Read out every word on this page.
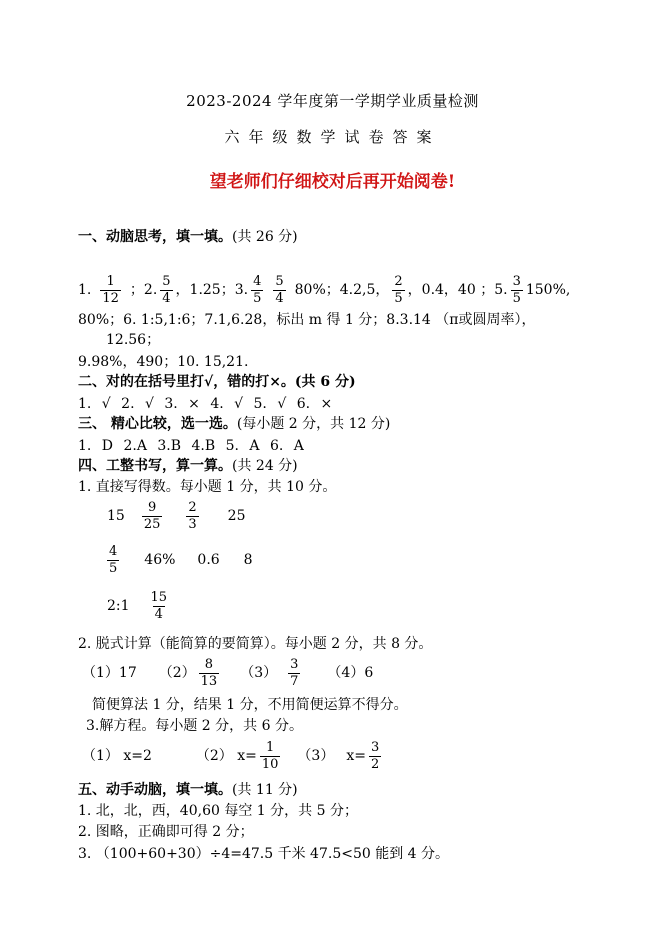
2023-2024 学年度第一学期学业质量检测
六年级数学试卷答案
望老师们仔细校对后再开始阅卷!
一、动脑思考，填一填。(共 26 分)
1. $\frac{1}{12}$ ；2. $\frac{5}{4}$ ，1.25；3. $\frac{4}{5} \frac{5}{4} 80\%$；4.2,5， $\frac{2}{5}$ ，0.4，40 ；5. $\frac{3}{5} 150\%$,
80%；6. 1:5,1:6；7.1,6.28，标出 m 得 1 分；8.3.14 （π或圆周率），
12.56；
9.98%，490；10. 15,21.
二、对的在括号里打√，错的打×。(共 6 分)
1. √ 2. √ 3. × 4. √ 5. √ 6. ×
三、 精心比较，选一选。(每小题 2 分，共 12 分)
1. D 2.A 3.B 4.B 5. A 6. A
四、工整书写，算一算。(共 24 分)
1. 直接写得数。每小题 1 分，共 10 分。
$15 \frac{9}{25} \frac{2}{3} 25$
$\frac{4}{5} 46\%$ 0.6 8
2:1 $\frac{15}{4}$
2. 脱式计算（能简算的要简算）。每小题 2 分，共 8 分。
（1）17 $(2) \frac{8}{13} (3) \frac{3}{7} (4)6$
简便算法 1 分，结果 1 分，不用简便运算不得分。
3.解方程。每小题 2 分，共 6 分。
（1） x=2	（2） $x= \frac{1}{10} (3)$ $x= \frac{3}{2}$
五、动手动脑，填一填。(共 11 分)
1. 北，北，西，40,60 每空 1 分，共 5 分；
2. 图略，正确即可得 2 分；
3. （100+60+30）÷4=47.5 千米 47.5<50 能到 4 分。
